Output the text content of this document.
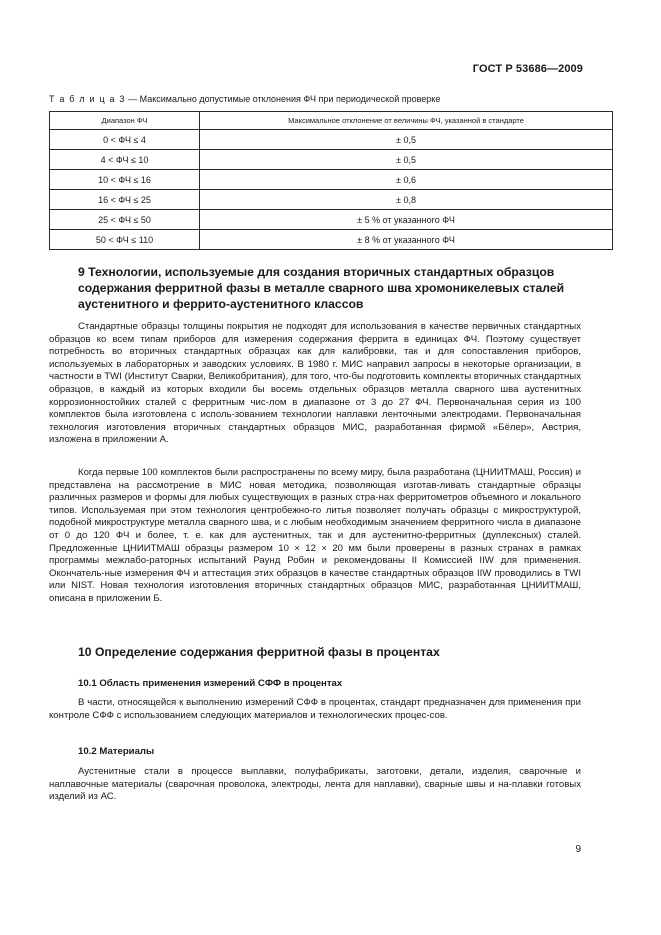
ГОСТ Р 53686—2009
Т а б л и ц а 3 — Максимально допустимые отклонения ФЧ при периодической проверке
Диапазон ФЧ	Максимальное отклонение от величины ФЧ, указанной в стандарте
0 < ФЧ ≤ 4	± 0,5
4 < ФЧ ≤ 10	± 0,5
10 < ФЧ ≤ 16	± 0,6
16 < ФЧ ≤ 25	± 0,8
25 < ФЧ ≤ 50	± 5 % от указанного ФЧ
50 < ФЧ ≤ 110	± 8 % от указанного ФЧ
9 Технологии, используемые для создания вторичных стандартных образцов содержания ферритной фазы в металле сварного шва хромоникелевых сталей аустенитного и феррито-аустенитного классов

Стандартные образцы толщины покрытия не подходят для использования в качестве первичных стандартных образцов ко всем типам приборов для измерения содержания феррита в единицах ФЧ. Поэтому существует потребность во вторичных стандартных образцах как для калибровки, так и для сопоставления приборов, используемых в лабораторных и заводских условиях. В 1980 г. МИС направил запросы в некоторые организации, в частности в TWI (Институт Сварки, Великобритания), для того, что-бы подготовить комплекты вторичных стандартных образцов, в каждый из которых входили бы восемь отдельных образцов металла сварного шва аустенитных коррозионностойких сталей с ферритным чис-лом в диапазоне от 3 до 27 ФЧ. Первоначальная серия из 100 комплектов была изготовлена с исполь-зованием технологии наплавки ленточными электродами. Первоначальная технология изготовления вторичных стандартных образцов МИС, разработанная фирмой «Бёлер», Австрия, изложена в приложении А.

Когда первые 100 комплектов были распространены по всему миру, была разработана (ЦНИИТМАШ, Россия) и представлена на рассмотрение в МИС новая методика, позволяющая изготав-ливать стандартные образцы различных размеров и формы для любых существующих в разных стра-нах ферритометров объемного и локального типов. Используемая при этом технология центробежно-го литья позволяет получать образцы с микроструктурой, подобной микроструктуре металла сварного шва, и с любым необходимым значением ферритного числа в диапазоне от 0 до 120 ФЧ и более, т. е. как для аустенитных, так и для аустенитно-ферритных (дуплексных) сталей. Предложенные ЦНИИТМАШ образцы размером 10 × 12 × 20 мм были проверены в разных странах в рамках программы межлабо-раторных испытаний Раунд Робин и рекомендованы II Комиссией IIW для применения. Окончатель-ные измерения ФЧ и аттестация этих образцов в качестве стандартных образцов IIW проводились в TWI или NIST. Новая технология изготовления вторичных стандартных образцов МИС, разработанная ЦНИИТМАШ, описана в приложении Б.

10 Определение содержания ферритной фазы в процентах
10.1 Область применения измерений СФФ в процентах

В части, относящейся к выполнению измерений СФФ в процентах, стандарт предназначен для применения при контроле СФФ с использованием следующих материалов и технологических процес-сов.

10.2 Материалы

Аустенитные стали в процессе выплавки, полуфабрикаты, заготовки, детали, изделия, сварочные и наплавочные материалы (сварочная проволока, электроды, лента для наплавки), сварные швы и на-плавки готовых изделий из АС.

9
